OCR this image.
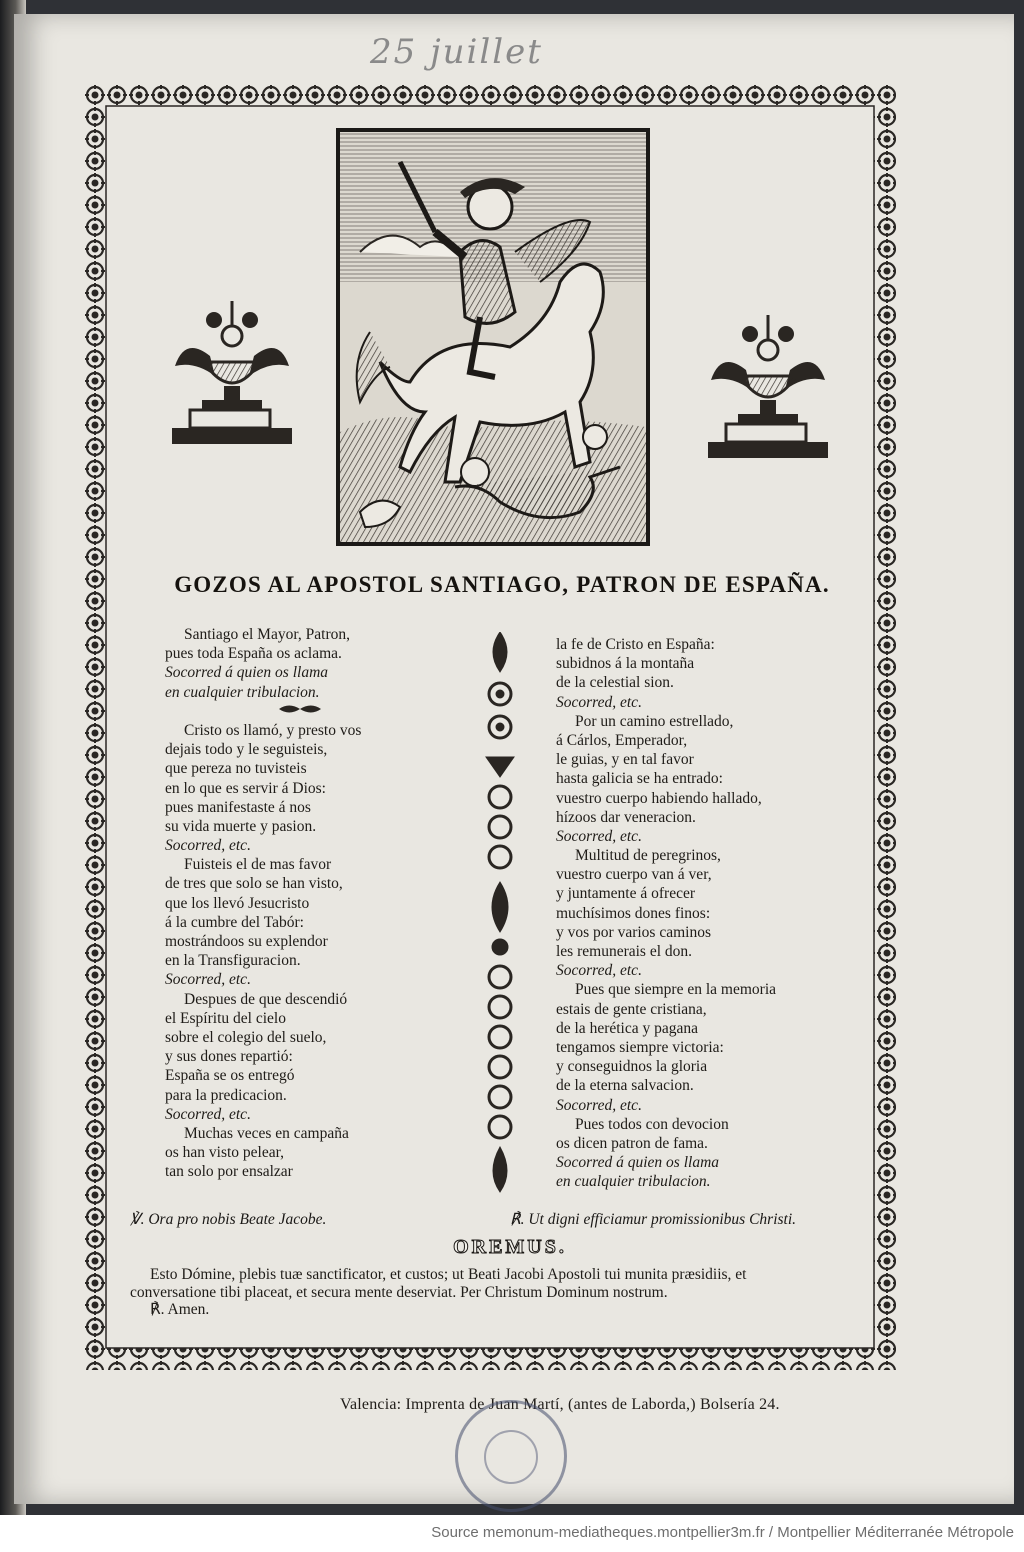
25 juillet
GOZOS AL APOSTOL SANTIAGO, PATRON DE ESPAÑA.
Santiago el Mayor, Patron,
pues toda España os aclama.
Socorred á quien os llama
en cualquier tribulacion.
Cristo os llamó, y presto vos
dejais todo y le seguisteis,
que pereza no tuvisteis
en lo que es servir á Dios:
pues manifestaste á nos
su vida muerte y pasion.
Socorred, etc.
Fuisteis el de mas favor
de tres que solo se han visto,
que los llevó Jesucristo
á la cumbre del Tabór:
mostrándoos su explendor
en la Transfiguracion.
Socorred, etc.
Despues de que descendió
el Espíritu del cielo
sobre el colegio del suelo,
y sus dones repartió:
España se os entregó
para la predicacion.
Socorred, etc.
Muchas veces en campaña
os han visto pelear,
tan solo por ensalzar
la fe de Cristo en España:
subidnos á la montaña
de la celestial sion.
Socorred, etc.
Por un camino estrellado,
á Cárlos, Emperador,
le guias, y en tal favor
hasta galicia se ha entrado:
vuestro cuerpo habiendo hallado,
hízoos dar veneracion.
Socorred, etc.
Multitud de peregrinos,
vuestro cuerpo van á ver,
y juntamente á ofrecer
muchísimos dones finos:
y vos por varios caminos
les remunerais el don.
Socorred, etc.
Pues que siempre en la memoria
estais de gente cristiana,
de la herética y pagana
tengamos siempre victoria:
y conseguidnos la gloria
de la eterna salvacion.
Socorred, etc.
Pues todos con devocion
os dicen patron de fama.
Socorred á quien os llama
en cualquier tribulacion.
℣. Ora pro nobis Beate Jacobe.	℟. Ut digni efficiamur promissionibus Christi.
OREMUS.
Esto Dómine, plebis tuæ sanctificator, et custos; ut Beati Jacobi Apostoli tui munita præsidiis, et
conversatione tibi placeat, et secura mente deserviat. Per Christum Dominum nostrum.
℟. Amen.
Valencia: Imprenta de Juan Martí, (antes de Laborda,) Bolsería 24.
Source memonum-mediatheques.montpellier3m.fr / Montpellier Méditerranée Métropole
